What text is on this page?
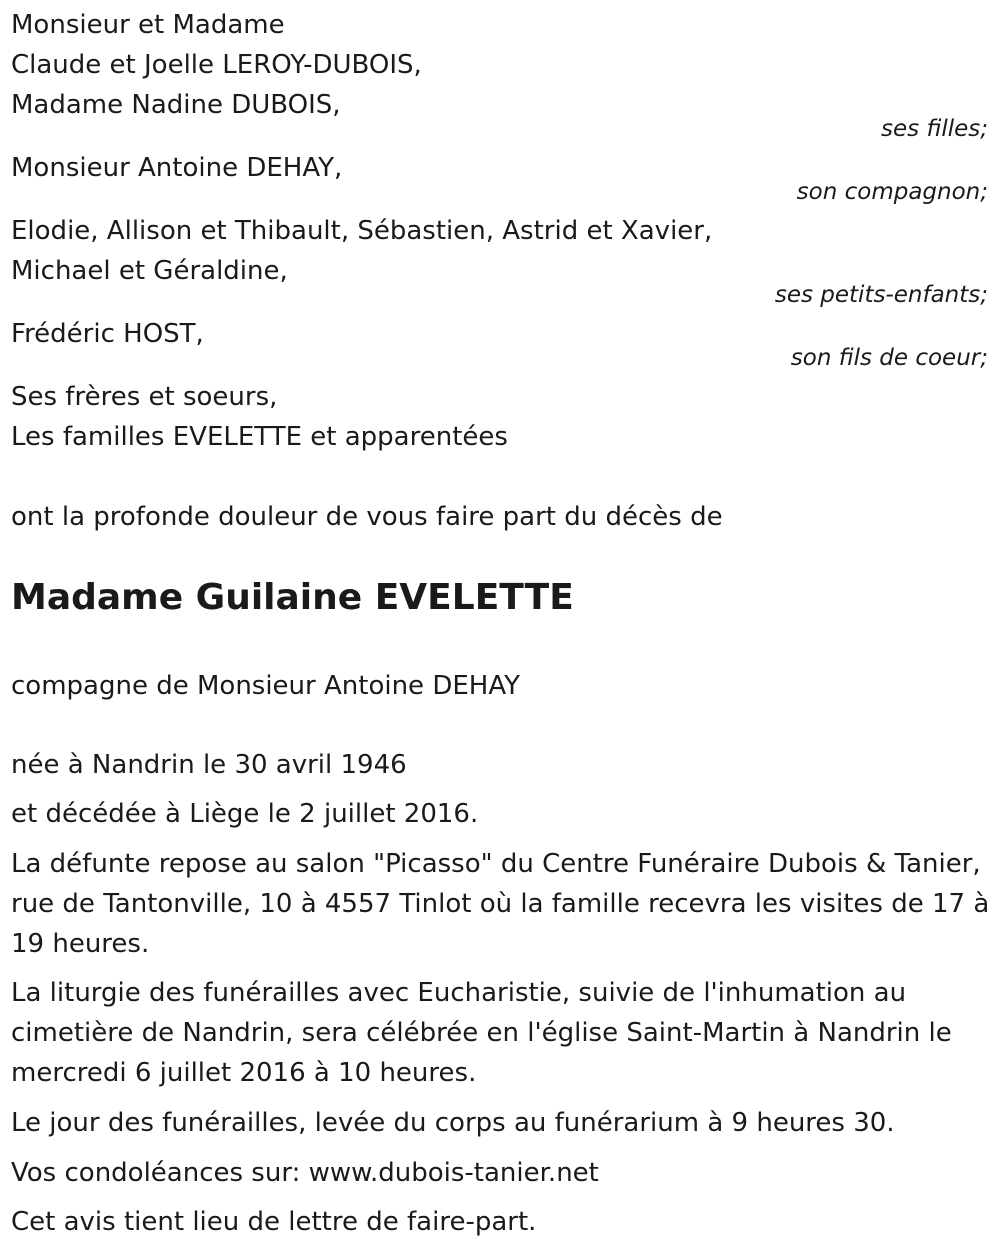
Monsieur et Madame
Claude et Joelle LEROY-DUBOIS,
Madame Nadine DUBOIS,
ses filles;
Monsieur Antoine DEHAY,
son compagnon;
Elodie, Allison et Thibault, Sébastien, Astrid et Xavier,
Michael et Géraldine,
ses petits-enfants;
Frédéric HOST,
son fils de coeur;
Ses frères et soeurs,
Les familles EVELETTE et apparentées
ont la profonde douleur de vous faire part du décès de
Madame Guilaine EVELETTE
compagne de Monsieur Antoine DEHAY
née à Nandrin le 30 avril 1946
et décédée à Liège le 2 juillet 2016.
La défunte repose au salon "Picasso" du Centre Funéraire Dubois & Tanier, rue de Tantonville, 10 à 4557 Tinlot où la famille recevra les visites de 17 à 19 heures.
La liturgie des funérailles avec Eucharistie, suivie de l'inhumation au cimetière de Nandrin, sera célébrée en l'église Saint-Martin à Nandrin le mercredi 6 juillet 2016 à 10 heures.
Le jour des funérailles, levée du corps au funérarium à 9 heures 30.
Vos condoléances sur: www.dubois-tanier.net
Cet avis tient lieu de lettre de faire-part.
